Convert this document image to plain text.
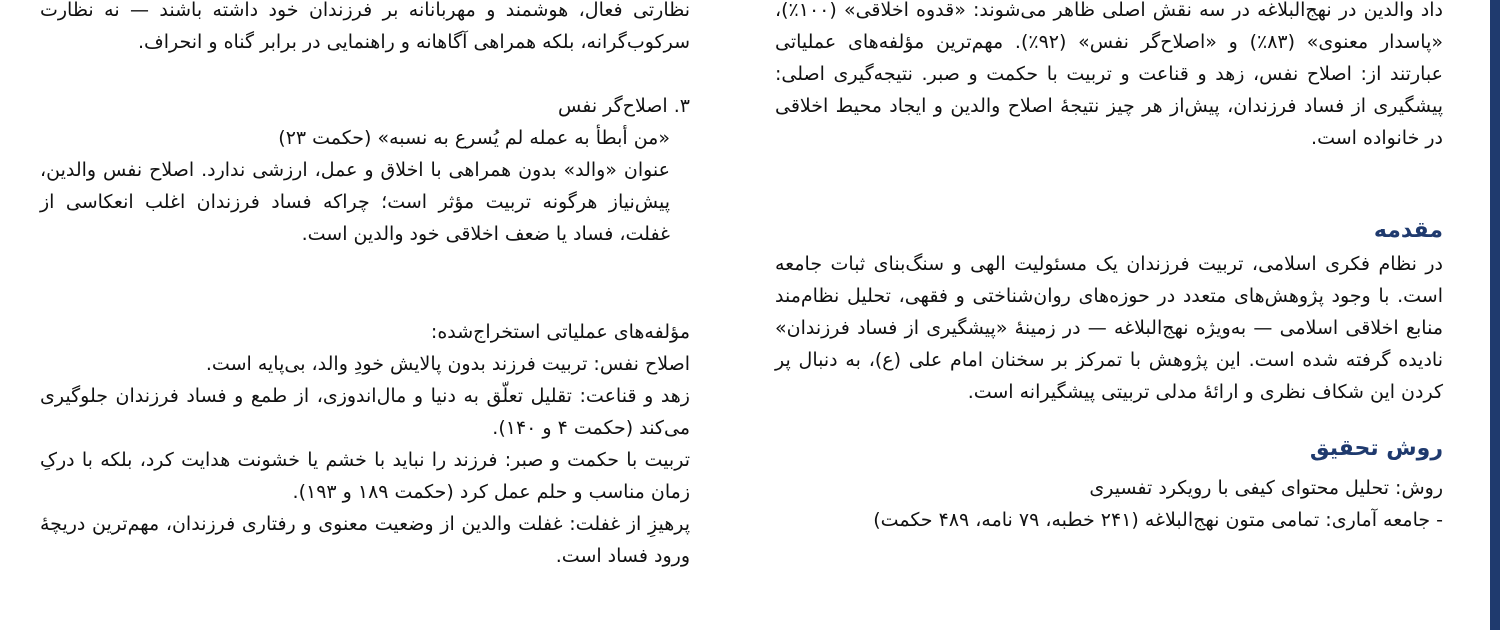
داد والدین در نهج‌البلاغه در سه نقش اصلی ظاهر می‌شوند: «قدوه اخلاقی» (۱۰۰٪)، «پاسدار معنوی» (۸۳٪) و «اصلاح‌گر نفس» (۹۲٪). مهم‌ترین مؤلفه‌های عملیاتی عبارتند از: اصلاح نفس، زهد و قناعت و تربیت با حکمت و صبر. نتیجه‌گیری اصلی: پیشگیری از فساد فرزندان، پیش‌از هر چیز نتیجهٔ اصلاح والدین و ایجاد محیط اخلاقی در خانواده است.

مقدمه

در نظام فکری اسلامی، تربیت فرزندان یک مسئولیت الهی و سنگ‌بنای ثبات جامعه است. با وجود پژوهش‌های متعدد در حوزه‌های روان‌شناختی و فقهی، تحلیل نظام‌مند منابع اخلاقی اسلامی — به‌ویژه نهج‌البلاغه — در زمینهٔ «پیشگیری از فساد فرزندان» نادیده گرفته شده است. این پژوهش با تمرکز بر سخنان امام علی (ع)، به دنبال پر کردن این شکاف نظری و ارائهٔ مدلی تربیتی پیشگیرانه است.

روش تحقیق

روش: تحلیل محتوای کیفی با رویکرد تفسیری

- جامعه آماری: تمامی متون نهج‌البلاغه (۲۴۱ خطبه، ۷۹ نامه، ۴۸۹ حکمت)

نظارتی فعال، هوشمند و مهربانانه بر فرزندان خود داشته باشند — نه نظارت سرکوب‌گرانه، بلکه همراهی آگاهانه و راهنمایی در برابر گناه و انحراف.

۳. اصلاح‌گر نفس

«من أبطأ به عمله لم یُسرع به نسبه» (حکمت ۲۳)

عنوان «والد» بدون همراهی با اخلاق و عمل، ارزشی ندارد. اصلاح نفس والدین، پیش‌نیاز هرگونه تربیت مؤثر است؛ چراکه فساد فرزندان اغلب انعکاسی از غفلت، فساد یا ضعف اخلاقی خود والدین است.

مؤلفه‌های عملیاتی استخراج‌شده:

اصلاح نفس: تربیت فرزند بدون پالایش خودِ والد، بی‌پایه است.

زهد و قناعت: تقلیل تعلّق به دنیا و مال‌اندوزی، از طمع و فساد فرزندان جلوگیری می‌کند (حکمت ۴ و ۱۴۰).

تربیت با حکمت و صبر: فرزند را نباید با خشم یا خشونت هدایت کرد، بلکه با درکِ زمان مناسب و حلم عمل کرد (حکمت ۱۸۹ و ۱۹۳).

پرهیزِ از غفلت: غفلت والدین از وضعیت معنوی و رفتاری فرزندان، مهم‌ترین دریچهٔ ورود فساد است.
